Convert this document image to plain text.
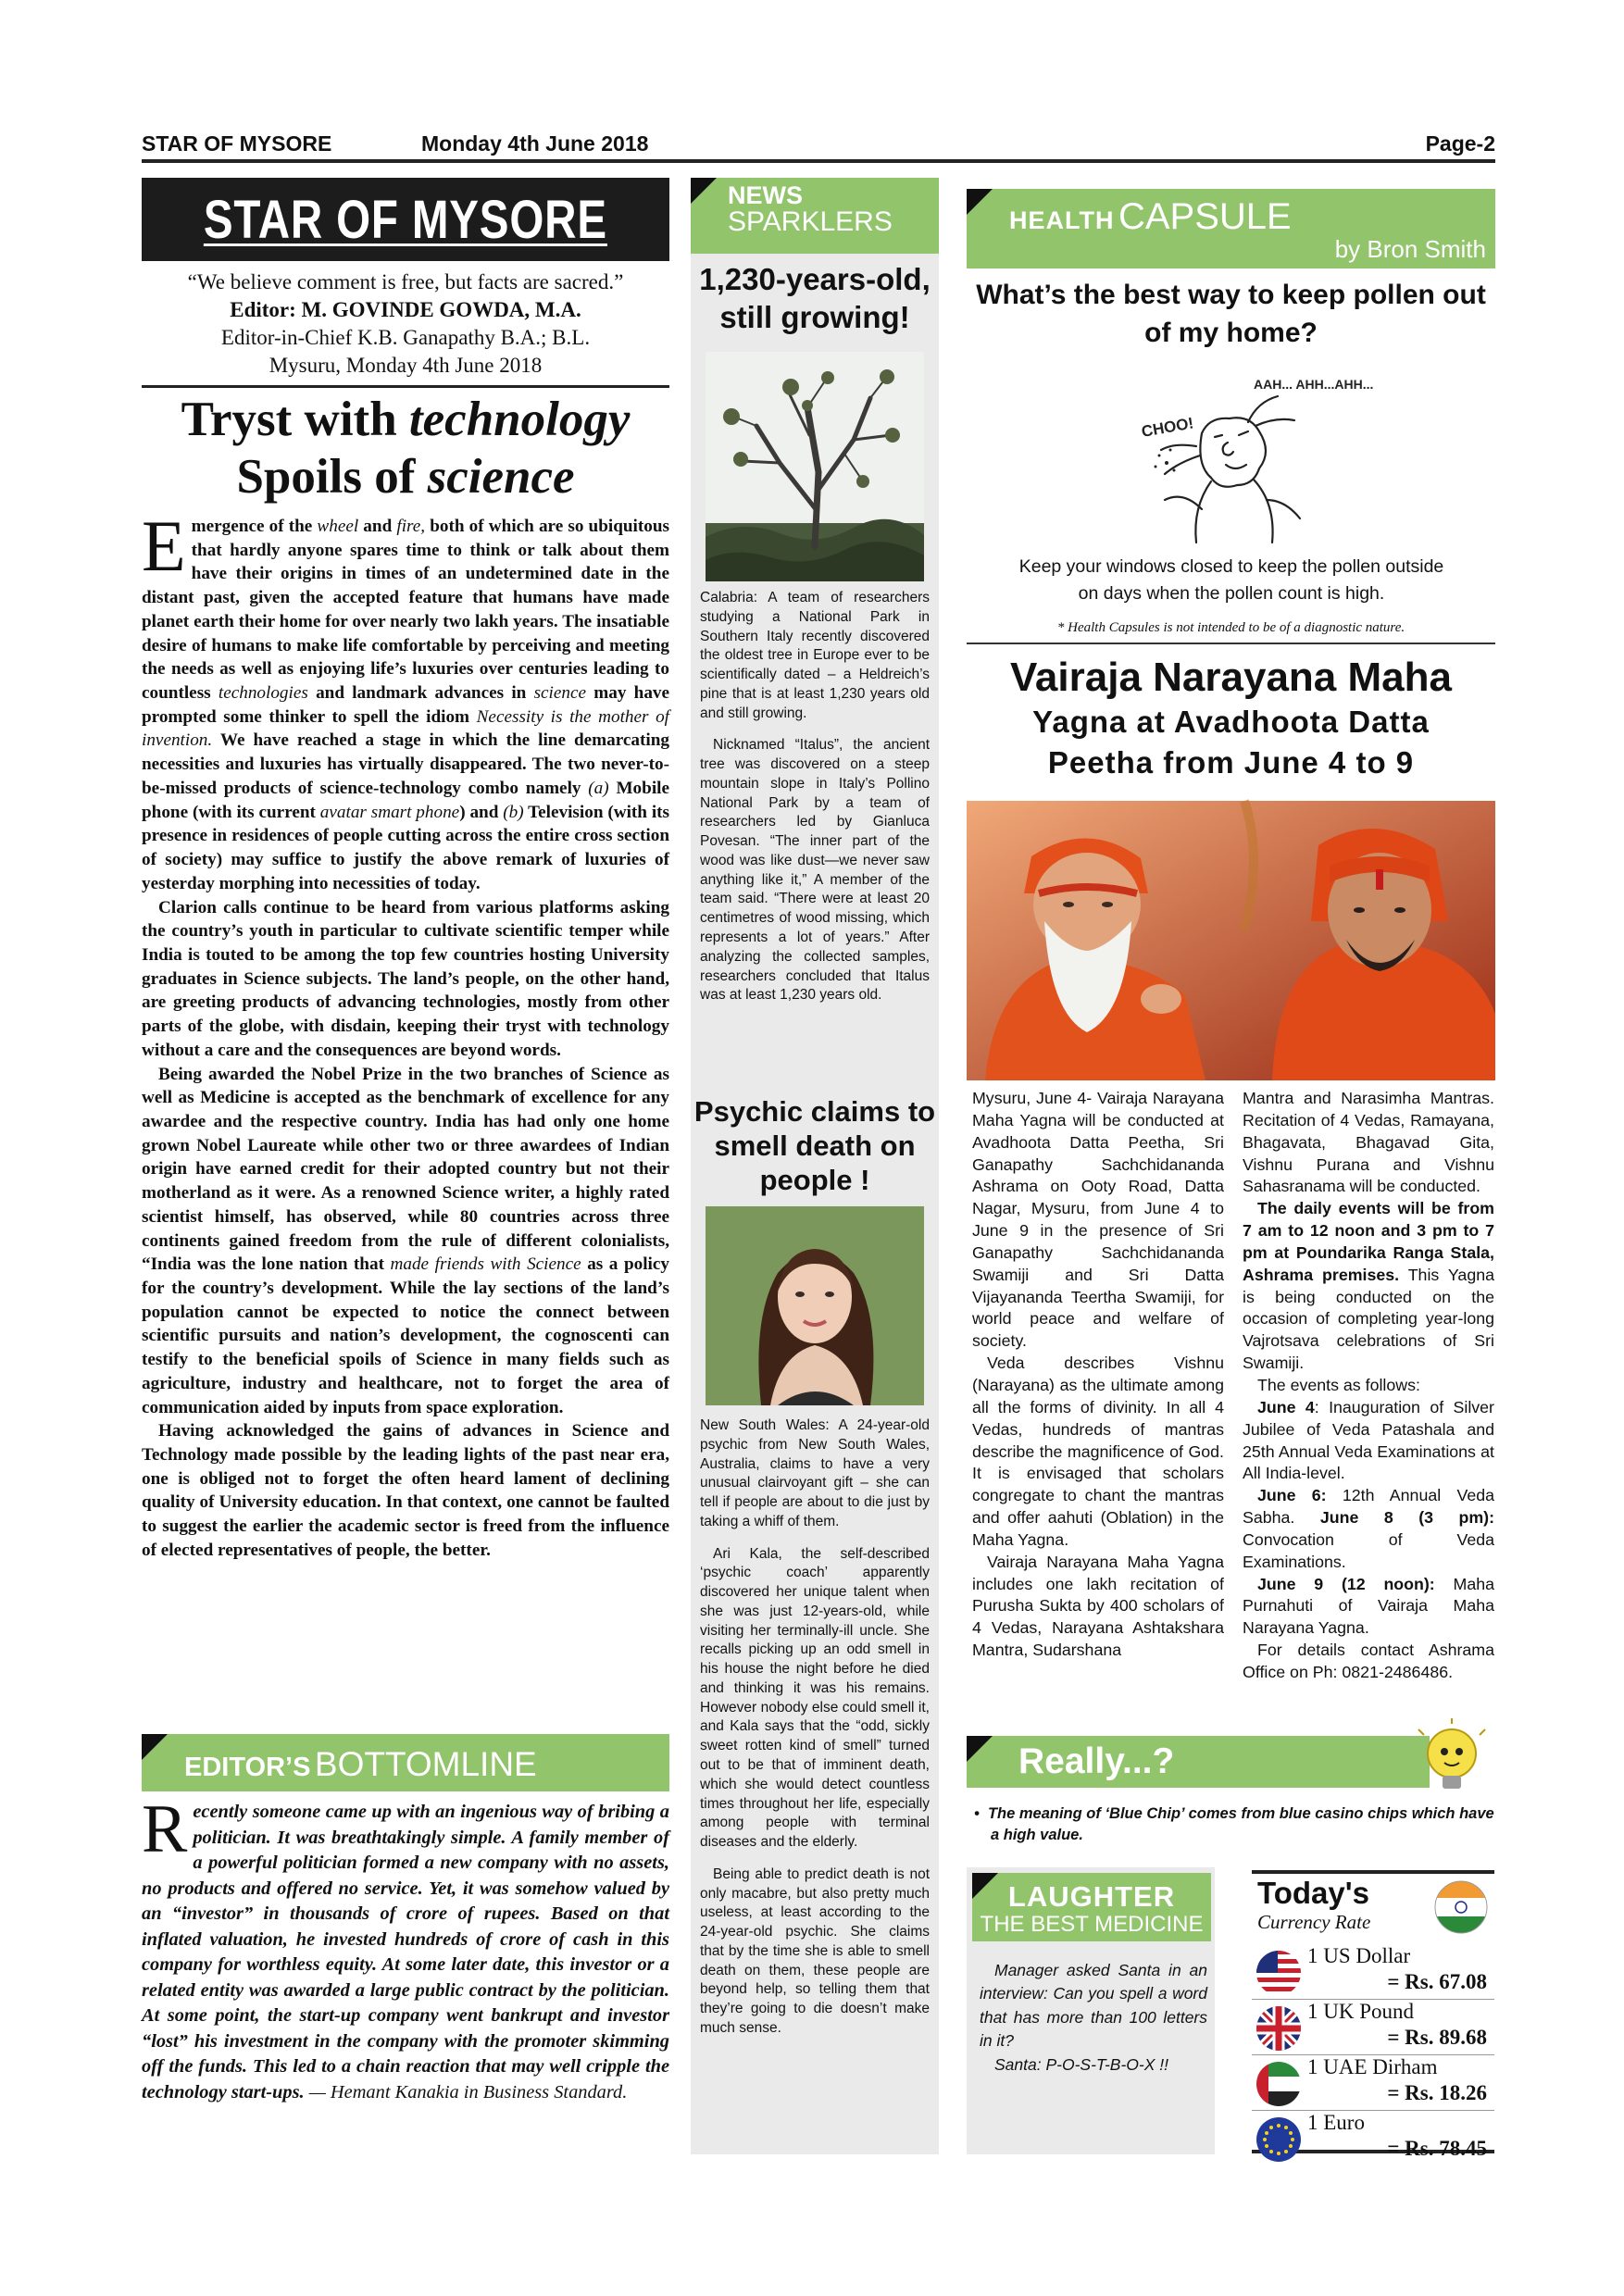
STAR OF MYSORE	Monday 4th June 2018	Page-2
STAR OF MYSORE
“We believe comment is free, but facts are sacred.”
Editor: M. GOVINDE GOWDA, M.A.
Editor-in-Chief K.B. Ganapathy B.A.; B.L.
Mysuru, Monday 4th June 2018
Tryst with technology
Spoils of science

Emergence of the wheel and fire, both of which are so ubiquitous that hardly anyone spares time to think or talk about them have their origins in times of an undetermined date in the distant past, given the accepted feature that humans have made planet earth their home for over nearly two lakh years. The insatiable desire of humans to make life comfortable by perceiving and meeting the needs as well as enjoying life’s luxuries over centuries leading to countless technologies and landmark advances in science may have prompted some thinker to spell the idiom Necessity is the mother of invention. We have reached a stage in which the line demarcating necessities and luxuries has virtually disappeared. The two never-to-be-missed products of science-technology combo namely (a) Mobile phone (with its current avatar smart phone) and (b) Television (with its presence in residences of people cutting across the entire cross section of society) may suffice to justify the above remark of luxuries of yesterday morphing into necessities of today.

Clarion calls continue to be heard from various platforms asking the country’s youth in particular to cultivate scientific temper while India is touted to be among the top few countries hosting University graduates in Science subjects. The land’s people, on the other hand, are greeting products of advancing technologies, mostly from other parts of the globe, with disdain, keeping their tryst with technology without a care and the consequences are beyond words.

Being awarded the Nobel Prize in the two branches of Science as well as Medicine is accepted as the benchmark of excellence for any awardee and the respective country. India has had only one home grown Nobel Laureate while other two or three awardees of Indian origin have earned credit for their adopted country but not their motherland as it were. As a renowned Science writer, a highly rated scientist himself, has observed, while 80 countries across three continents gained freedom from the rule of different colonialists, “India was the lone nation that made friends with Science as a policy for the country’s development. While the lay sections of the land’s population cannot be expected to notice the connect between scientific pursuits and nation’s development, the cognoscenti can testify to the beneficial spoils of Science in many fields such as agriculture, industry and healthcare, not to forget the area of communication aided by inputs from space exploration.

Having acknowledged the gains of advances in Science and Technology made possible by the leading lights of the past near era, one is obliged not to forget the often heard lament of declining quality of University education. In that context, one cannot be faulted to suggest the earlier the academic sector is freed from the influence of elected representatives of people, the better.

EDITOR’S BOTTOMLINE
Recently someone came up with an ingenious way of bribing a politician. It was breathtakingly simple. A family member of a powerful politician formed a new company with no assets, no products and offered no service. Yet, it was somehow valued by an “investor” in thousands of crore of rupees. Based on that inflated valuation, he invested hundreds of crore of cash in this company for worthless equity. At some later date, this investor or a related entity was awarded a large public contract by the politician. At some point, the start-up company went bankrupt and investor “lost” his investment in the company with the promoter skimming off the funds. This led to a chain reaction that may well cripple the technology start-ups. — Hemant Kanakia in Business Standard.
NEWS
SPARKLERS
1,230-years-old, still growing!

Calabria: A team of researchers studying a National Park in Southern Italy recently discovered the oldest tree in Europe ever to be scientifically dated – a Heldreich’s pine that is at least 1,230 years old and still growing.

Nicknamed “Italus”, the ancient tree was discovered on a steep mountain slope in Italy’s Pollino National Park by a team of researchers led by Gianluca Povesan. “The inner part of the wood was like dust—we never saw anything like it,” A member of the team said. “There were at least 20 centimetres of wood missing, which represents a lot of years.” After analyzing the collected samples, researchers concluded that Italus was at least 1,230 years old.

Psychic claims to smell death on people !

New South Wales: A 24-year-old psychic from New South Wales, Australia, claims to have a very unusual clairvoyant gift – she can tell if people are about to die just by taking a whiff of them.

Ari Kala, the self-described ‘psychic coach’ apparently discovered her unique talent when she was just 12-years-old, while visiting her terminally-ill uncle. She recalls picking up an odd smell in his house the night before he died and thinking it was his remains. However nobody else could smell it, and Kala says that the “odd, sickly sweet rotten kind of smell” turned out to be that of imminent death, which she would detect countless times throughout her life, especially among people with terminal diseases and the elderly.

Being able to predict death is not only macabre, but also pretty much useless, at least according to the 24-year-old psychic. She claims that by the time she is able to smell death on them, these people are beyond help, so telling them that they’re going to die doesn’t make much sense.

HEALTH CAPSULE
by Bron Smith
What’s the best way to keep pollen out of my home?
CHOO!
AAH... AHH...AHH...
Keep your windows closed to keep the pollen outside on days when the pollen count is high.
* Health Capsules is not intended to be of a diagnostic nature.
Vairaja Narayana Maha
Yagna at Avadhoota Datta
Peetha from June 4 to 9

Mysuru, June 4- Vairaja Narayana Maha Yagna will be conducted at Avadhoota Datta Peetha, Sri Ganapathy Sachchidananda Ashrama on Ooty Road, Datta Nagar, Mysuru, from June 4 to June 9 in the presence of Sri Ganapathy Sachchidananda Swamiji and Sri Datta Vijayananda Teertha Swamiji, for world peace and welfare of society.

Veda describes Vishnu (Narayana) as the ultimate among all the forms of divinity. In all 4 Vedas, hundreds of mantras describe the magnificence of God. It is envisaged that scholars congregate to chant the mantras and offer aahuti (Oblation) in the Maha Yagna.

Vairaja Narayana Maha Yagna includes one lakh recitation of Purusha Sukta by 400 scholars of 4 Vedas, Narayana Ashtakshara Mantra, Sudarshana

Mantra and Narasimha Mantras. Recitation of 4 Vedas, Ramayana, Bhagavata, Bhagavad Gita, Vishnu Purana and Vishnu Sahasranama will be conducted.

The daily events will be from 7 am to 12 noon and 3 pm to 7 pm at Poundarika Ranga Stala, Ashrama premises. This Yagna is being conducted on the occasion of completing year-long Vajrotsava celebrations of Sri Swamiji.

The events as follows:

June 4: Inauguration of Silver Jubilee of Veda Patashala and 25th Annual Veda Examinations at All India-level.

June 6: 12th Annual Veda Sabha. June 8 (3 pm): Convocation of Veda Examinations.

June 9 (12 noon): Maha Purnahuti of Vairaja Maha Narayana Yagna.

For details contact Ashrama Office on Ph: 0821-2486486.

Really...?
•  The meaning of ‘Blue Chip’ comes from blue casino chips which have a high value.
LAUGHTER
THE BEST MEDICINE

Manager asked Santa in an interview: Can you spell a word that has more than 100 letters in it?

Santa: P-O-S-T-B-O-X !!

Today's
Currency Rate
1 US Dollar
= Rs. 67.08
1 UK Pound
= Rs. 89.68
1 UAE Dirham
= Rs. 18.26
1 Euro
= Rs. 78.45
